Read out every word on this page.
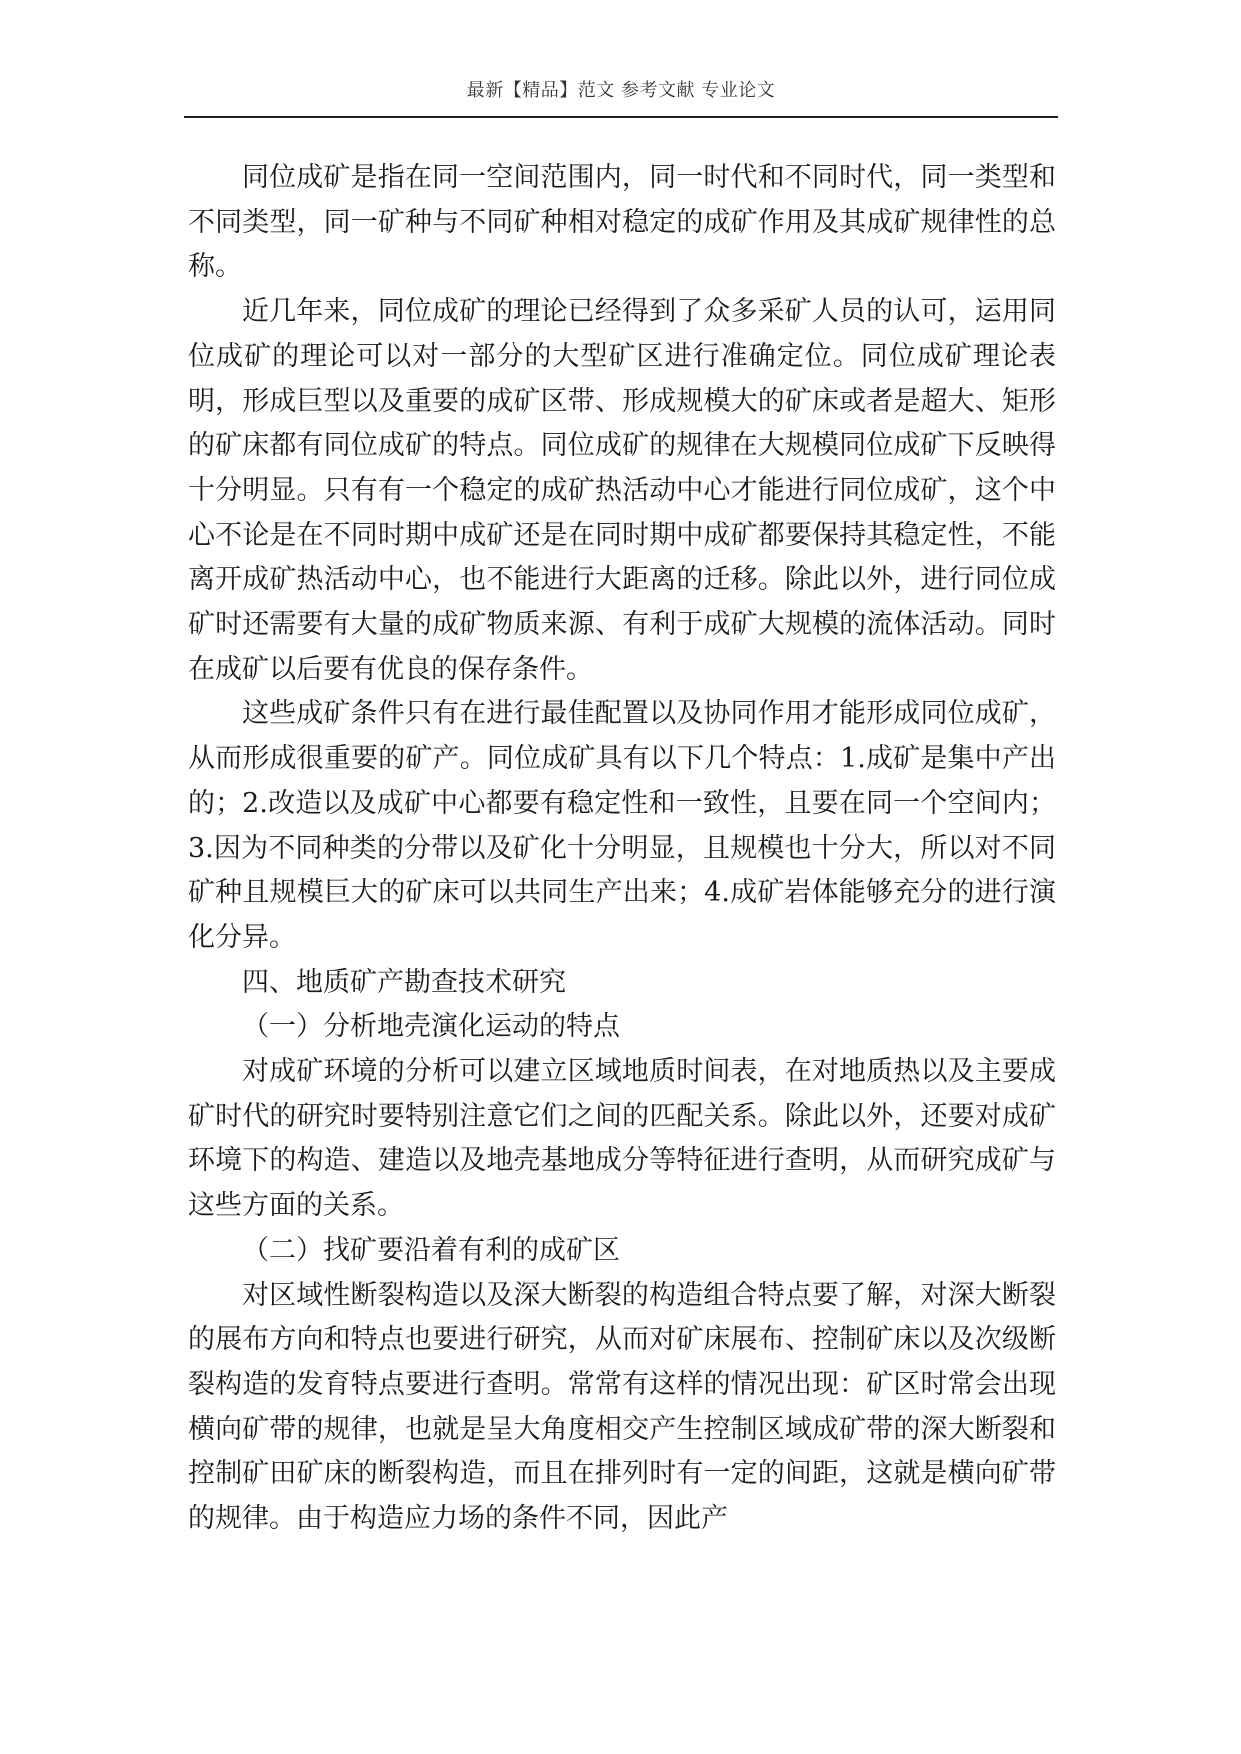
最新【精品】范文 参考文献 专业论文

同位成矿是指在同一空间范围内，同一时代和不同时代，同一类型和不同类型，同一矿种与不同矿种相对稳定的成矿作用及其成矿规律性的总称。

近几年来，同位成矿的理论已经得到了众多采矿人员的认可，运用同位成矿的理论可以对一部分的大型矿区进行准确定位。同位成矿理论表明，形成巨型以及重要的成矿区带、形成规模大的矿床或者是超大、矩形的矿床都有同位成矿的特点。同位成矿的规律在大规模同位成矿下反映得十分明显。只有有一个稳定的成矿热活动中心才能进行同位成矿，这个中心不论是在不同时期中成矿还是在同时期中成矿都要保持其稳定性，不能离开成矿热活动中心，也不能进行大距离的迁移。除此以外，进行同位成矿时还需要有大量的成矿物质来源、有利于成矿大规模的流体活动。同时在成矿以后要有优良的保存条件。

这些成矿条件只有在进行最佳配置以及协同作用才能形成同位成矿，从而形成很重要的矿产。同位成矿具有以下几个特点：1.成矿是集中产出的；2.改造以及成矿中心都要有稳定性和一致性，且要在同一个空间内；3.因为不同种类的分带以及矿化十分明显，且规模也十分大，所以对不同矿种且规模巨大的矿床可以共同生产出来；4.成矿岩体能够充分的进行演化分异。

四、地质矿产勘查技术研究

（一）分析地壳演化运动的特点

对成矿环境的分析可以建立区域地质时间表，在对地质热以及主要成矿时代的研究时要特别注意它们之间的匹配关系。除此以外，还要对成矿环境下的构造、建造以及地壳基地成分等特征进行查明，从而研究成矿与这些方面的关系。

（二）找矿要沿着有利的成矿区

对区域性断裂构造以及深大断裂的构造组合特点要了解，对深大断裂的展布方向和特点也要进行研究，从而对矿床展布、控制矿床以及次级断裂构造的发育特点要进行查明。常常有这样的情况出现：矿区时常会出现横向矿带的规律，也就是呈大角度相交产生控制区域成矿带的深大断裂和控制矿田矿床的断裂构造，而且在排列时有一定的间距，这就是横向矿带的规律。由于构造应力场的条件不同，因此产
